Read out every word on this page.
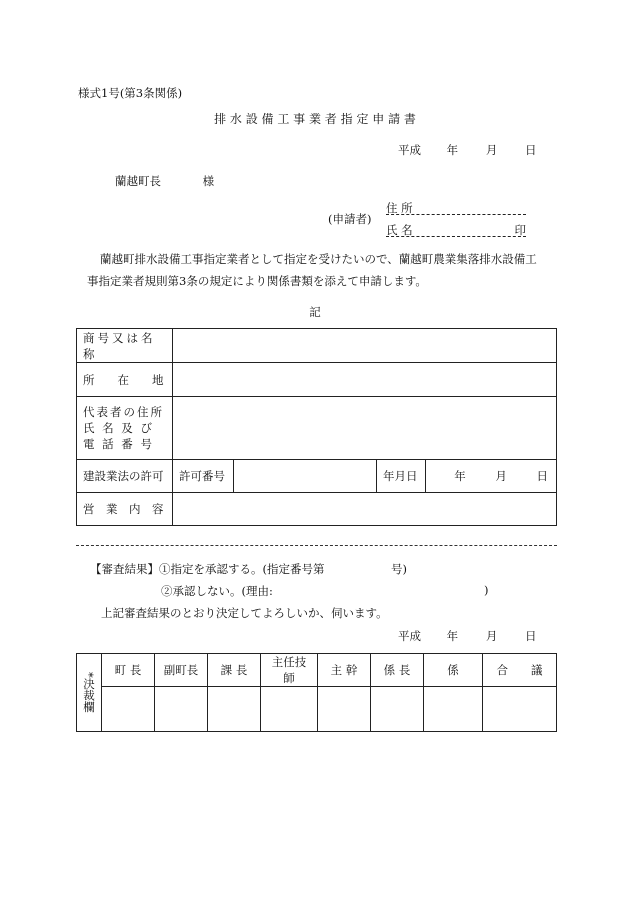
様式1号(第3条関係)
排 水 設 備 工 事 業 者 指 定 申 請 書
平成 年 月 日
蘭越町長	様
(申請者)
住 所
氏 名	印
蘭越町排水設備工事指定業者として指定を受けたいので、蘭越町農業集落排水設備工
事指定業者規則第3条の規定により関係書類を添えて申請します。
記
商号又は名称				
所　　在　　地				

代表者の住所
氏 名 及 び
電 話 番 号				

建設業法の許可	許可番号		年月日	年 月 日
営　業　内　容				
【審査結果】①指定を承認する。(指定番号第	号)
②承認しない。(理由:	)
上記審査結果のとおり決定してよろしいか、伺います。
平成 年 月 日
*決裁欄	町 長	副町長	課 長	主任技師	主 幹	係 長	係	合　　議
